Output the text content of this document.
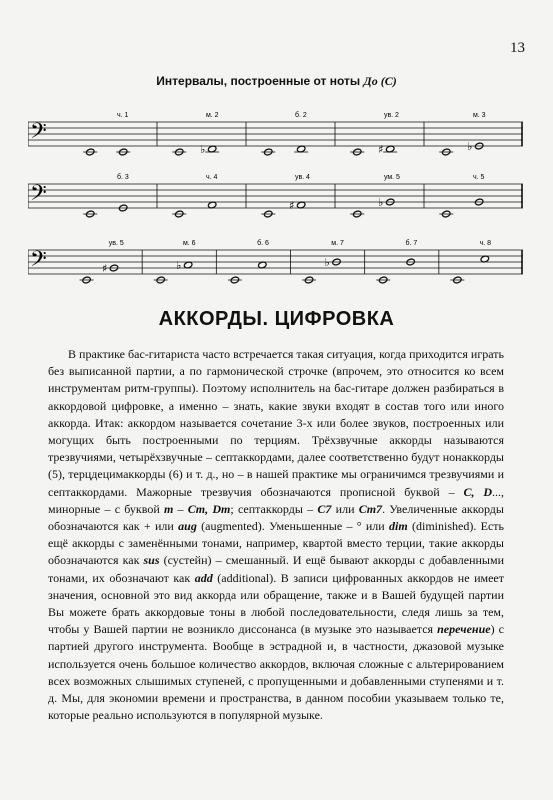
13
Интервалы, построенные от ноты До (С)
𝄢
ч. 1	м. 2
♭
б. 2	ув. 2
♯
м. 3
♭
𝄢
б. 3	ч. 4	ув. 4
♯
ум. 5
♭
ч. 5
𝄢
ув. 5
♯
м. 6
♭
б. 6	м. 7
♭
б. 7	ч. 8
АККОРДЫ. ЦИФРОВКА

В практике бас-гитариста часто встречается такая ситуация, когда приходится играть без выписанной партии, а по гармонической строчке (впрочем, это относится ко всем инструментам ритм-группы). Поэтому исполнитель на бас-гитаре должен разбираться в аккордовой цифровке, а именно – знать, какие звуки входят в состав того или иного аккорда. Итак: аккордом называется сочетание 3-х или более звуков, построенных или могущих быть построенными по терциям. Трёхзвучные аккорды называются трезвучиями, четырёхзвучные – септаккордами, далее соответственно будут нонаккорды (5), терцдецимаккорды (6) и т. д., но – в нашей практике мы ограничимся трезвучиями и септаккордами. Мажорные трезвучия обозначаются прописной буквой – C, D..., минорные – с буквой m – Cm, Dm; септаккорды – C7 или Cm7. Увеличенные аккорды обозначаются как + или aug (augmented). Уменьшенные – ° или dim (diminished). Есть ещё аккорды с заменёнными тонами, например, квартой вместо терции, такие аккорды обозначаются как sus (сустейн) – смешанный. И ещё бывают аккорды с добавленными тонами, их обозначают как add (additional). В записи цифрованных аккордов не имеет значения, основной это вид аккорда или обращение, также и в Вашей будущей партии Вы можете брать аккордовые тоны в любой последовательности, следя лишь за тем, чтобы у Вашей партии не возникло диссонанса (в музыке это называется перечение) с партией другого инструмента. Вообще в эстрадной и, в частности, джазовой музыке используется очень большое количество аккордов, включая сложные с альтерированием всех возможных слышимых ступеней, с пропущенными и добавленными ступенями и т. д. Мы, для экономии времени и пространства, в данном пособии указываем только те, которые реально используются в популярной музыке.
